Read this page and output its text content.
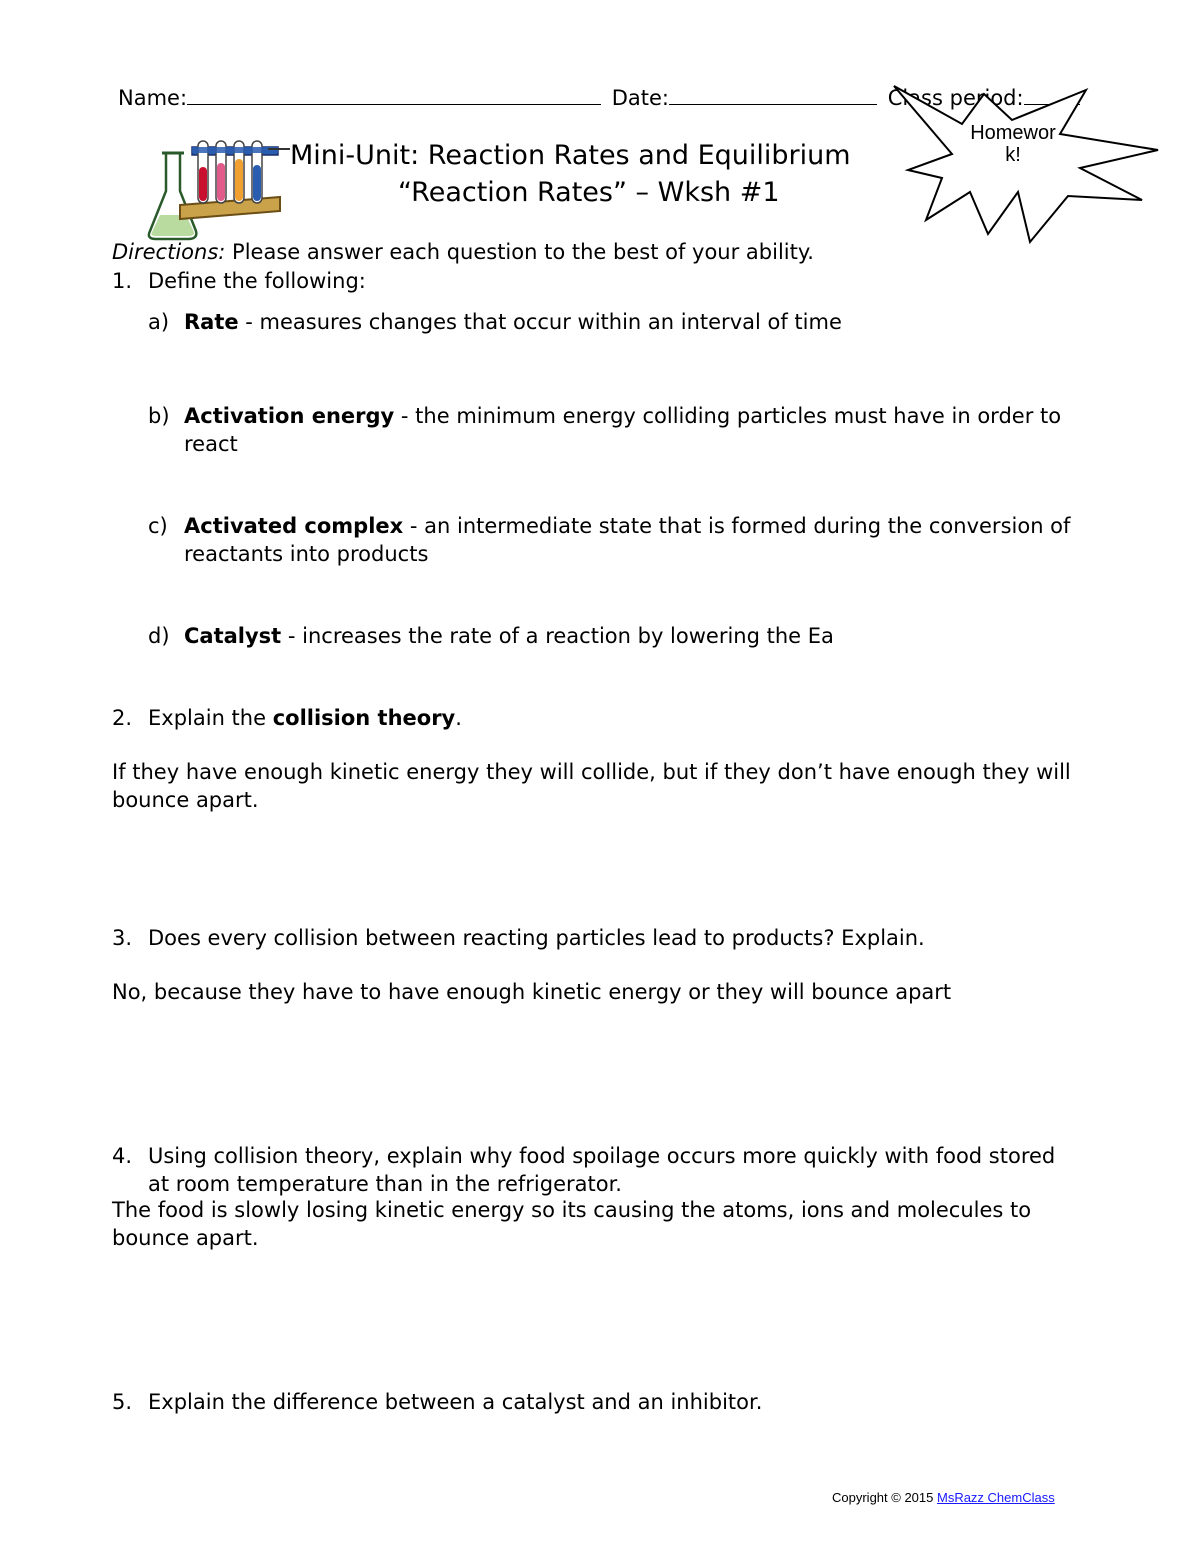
Name:	Date:	Class period:
Homewor
k!
Mini-Unit: Reaction Rates and Equilibrium
“Reaction Rates” – Wksh #1
Directions: Please answer each question to the best of your ability.
1. Define the following:
a) Rate - measures changes that occur within an interval of time
b) Activation energy - the minimum energy colliding particles must have in order to
react
c) Activated complex - an intermediate state that is formed during the conversion of
reactants into products
d) Catalyst - increases the rate of a reaction by lowering the Ea
2. Explain the collision theory.
If they have enough kinetic energy they will collide, but if they don’t have enough they will
bounce apart.
3. Does every collision between reacting particles lead to products? Explain.
No, because they have to have enough kinetic energy or they will bounce apart
4. Using collision theory, explain why food spoilage occurs more quickly with food stored
at room temperature than in the refrigerator.
The food is slowly losing kinetic energy so its causing the atoms, ions and molecules to
bounce apart.
5. Explain the difference between a catalyst and an inhibitor.
Copyright © 2015 MsRazz ChemClass
